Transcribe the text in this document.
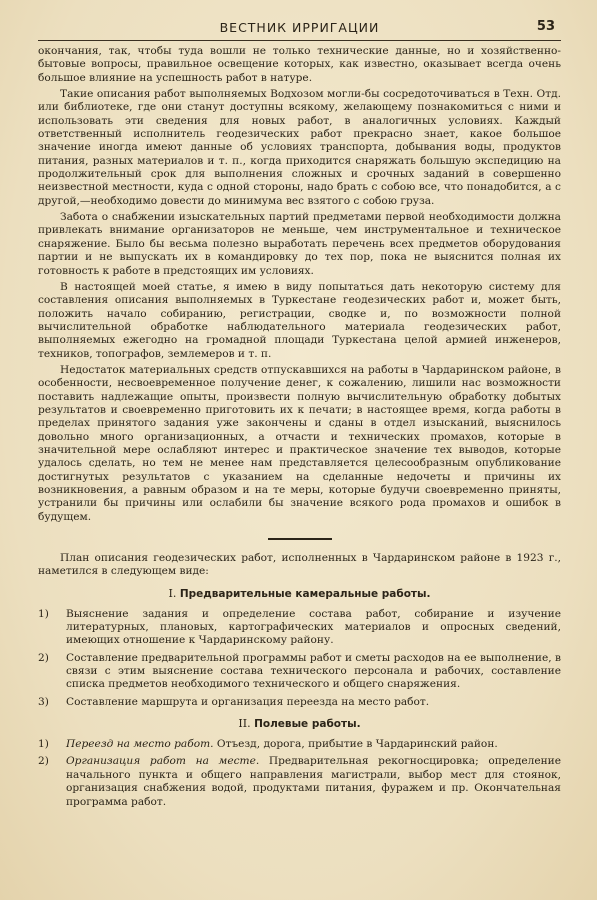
ВЕСТНИК ИРРИГАЦИИ	53

окончания, так, чтобы туда вошли не только технические данные, но и хозяйственно-бытовые вопросы, правильное освещение которых, как известно, оказывает всегда очень большое влияние на успешность работ в натуре.

Такие описания работ выполняемых Водхозом могли-бы сосредоточиваться в Техн. Отд. или библиотеке, где они станут доступны всякому, желающему познакомиться с ними и использовать эти сведения для новых работ, в аналогичных условиях. Каждый ответственный исполнитель геодезических работ прекрасно знает, какое большое значение иногда имеют данные об условиях транспорта, добывания воды, продуктов питания, разных материалов и т. п., когда приходится снаряжать большую экспедицию на продолжительный срок для выполнения сложных и срочных заданий в совершенно неизвестной местности, куда с одной стороны, надо брать с собою все, что понадобится, а с другой,—необходимо довести до минимума вес взятого с собою груза.

Забота о снабжении изыскательных партий предметами первой необходимости должна привлекать внимание организаторов не меньше, чем инструментальное и техническое снаряжение. Было бы весьма полезно выработать перечень всех предметов оборудования партии и не выпускать их в командировку до тех пор, пока не выяснится полная их готовность к работе в предстоящих им условиях.

В настоящей моей статье, я имею в виду попытаться дать некоторую систему для составления описания выполняемых в Туркестане геодезических работ и, может быть, положить начало собиранию, регистрации, сводке и, по возможности полной вычислительной обработке наблюдательного материала геодезических работ, выполняемых ежегодно на громадной площади Туркестана целой армией инженеров, техников, топографов, землемеров и т. п.

Недостаток материальных средств отпускавшихся на работы в Чардаринском районе, в особенности, несвоевременное получение денег, к сожалению, лишили нас возможности поставить надлежащие опыты, произвести полную вычислительную обработку добытых результатов и своевременно приготовить их к печати; в настоящее время, когда работы в пределах принятого задания уже закончены и сданы в отдел изысканий, выяснилось довольно много организационных, а отчасти и технических промахов, которые в значительной мере ослабляют интерес и практическое значение тех выводов, которые удалось сделать, но тем не менее нам представляется целесообразным опубликование достигнутых результатов с указанием на сделанные недочеты и причины их возникновения, а равным образом и на те меры, которые будучи своевременно приняты, устранили бы причины или ослабили бы значение всякого рода промахов и ошибок в будущем.

План описания геодезических работ, исполненных в Чардаринском районе в 1923 г., наметился в следующем виде:

I. Предварительные камеральные работы.
1) Выяснение задания и определение состава работ, собирание и изучение литературных, плановых, картографических материалов и опросных сведений, имеющих отношение к Чардаринскому району.
2) Составление предварительной программы работ и сметы расходов на ее выполнение, в связи с этим выяснение состава технического персонала и рабочих, составление списка предметов необходимого технического и общего снаряжения.
3) Составление маршрута и организация переезда на место работ.
II. Полевые работы.
1) Переезд на место работ. Отъезд, дорога, прибытие в Чардаринский район.
2) Организация работ на месте. Предварительная рекогносцировка; определение начального пункта и общего направления магистрали, выбор мест для стоянок, организация снабжения водой, продуктами питания, фуражем и пр. Окончательная программа работ.
